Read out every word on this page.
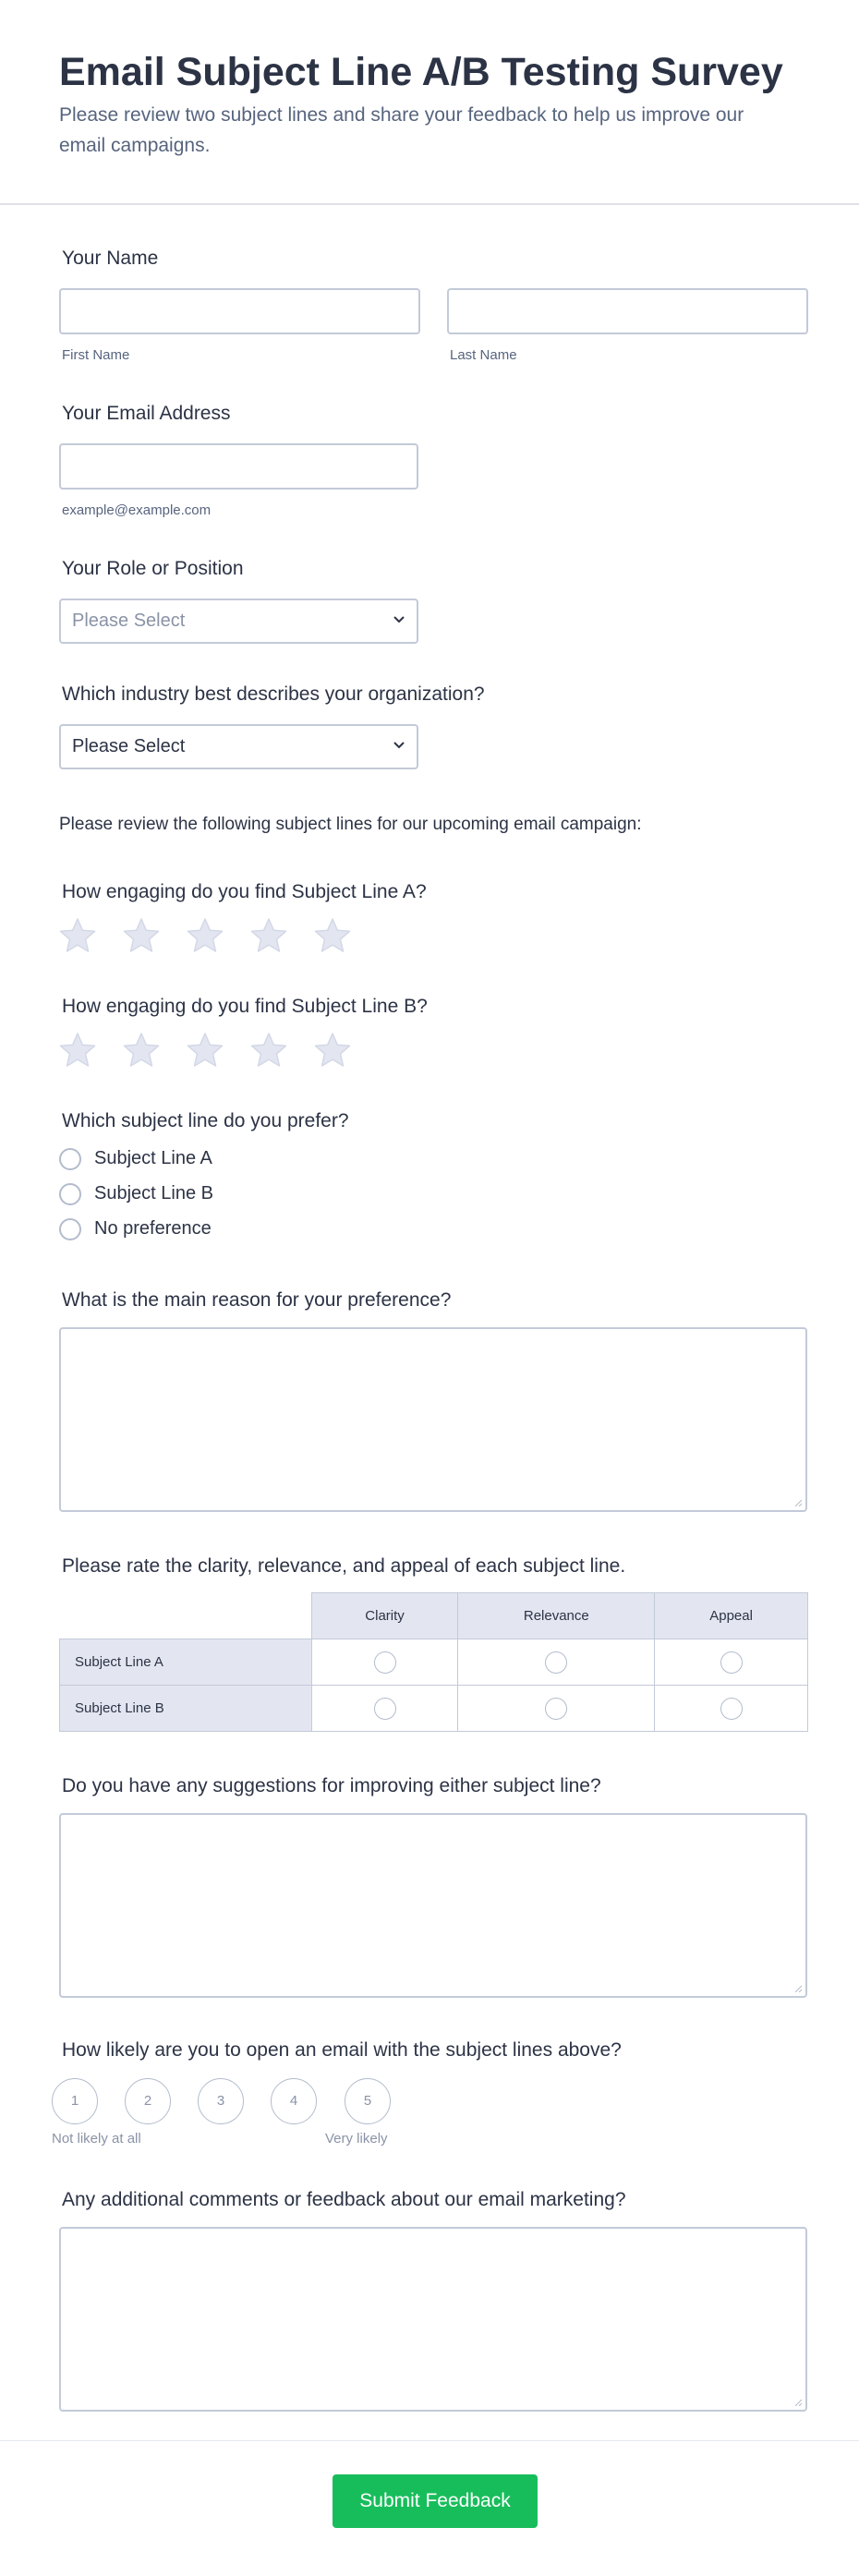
Email Subject Line A/B Testing Survey
Please review two subject lines and share your feedback to help us improve our email campaigns.
Your Name
First Name	Last Name
Your Email Address
example@example.com
Your Role or Position
Please Select
Which industry best describes your organization?
Please Select
Please review the following subject lines for our upcoming email campaign:
How engaging do you find Subject Line A?
How engaging do you find Subject Line B?
Which subject line do you prefer?
Subject Line A
Subject Line B
No preference
What is the main reason for your preference?
Please rate the clarity, relevance, and appeal of each subject line.
	Clarity	Relevance	Appeal
Subject Line A			
Subject Line B			
Do you have any suggestions for improving either subject line?
How likely are you to open an email with the subject lines above?
1	2	3	4	5
Not likely at all	Very likely
Any additional comments or feedback about our email marketing?
Submit Feedback
